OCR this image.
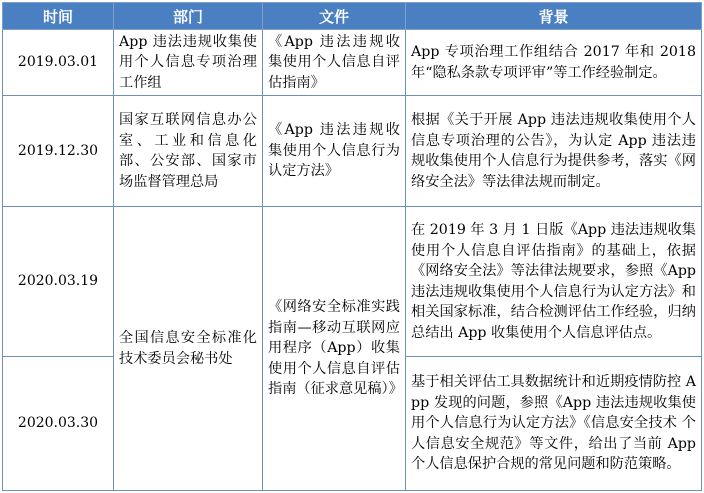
时间	部门	文件	背景
2019.03.01	App 违法违规收集使用个人信息专项治理工作组	《App 违法违规收集使用个人信息自评估指南》	App 专项治理工作组结合 2017 年和 2018 年“隐私条款专项评审”等工作经验制定。
2019.12.30	国家互联网信息办公室、工业和信息化部、公安部、国家市场监督管理总局	《App 违法违规收集使用个人信息行为认定方法》	根据《关于开展 App 违法违规收集使用个人信息专项治理的公告》，为认定 App 违法违规收集使用个人信息行为提供参考，落实《网络安全法》等法律法规而制定。
2020.03.19	全国信息安全标准化技术委员会秘书处	《网络安全标准实践指南—移动互联网应用程序（App）收集使用个人信息自评估指南（征求意见稿）》	在 2019 年 3 月 1 日版《App 违法违规收集使用个人信息自评估指南》的基础上，依据《网络安全法》等法律法规要求，参照《App 违法违规收集使用个人信息行为认定方法》和相关国家标准，结合检测评估工作经验，归纳总结出 App 收集使用个人信息评估点。
2020.03.30			基于相关评估工具数据统计和近期疫情防控 App 发现的问题，参照《App 违法违规收集使用个人信息行为认定方法》《信息安全技术 个人信息安全规范》等文件，给出了当前 App 个人信息保护合规的常见问题和防范策略。
